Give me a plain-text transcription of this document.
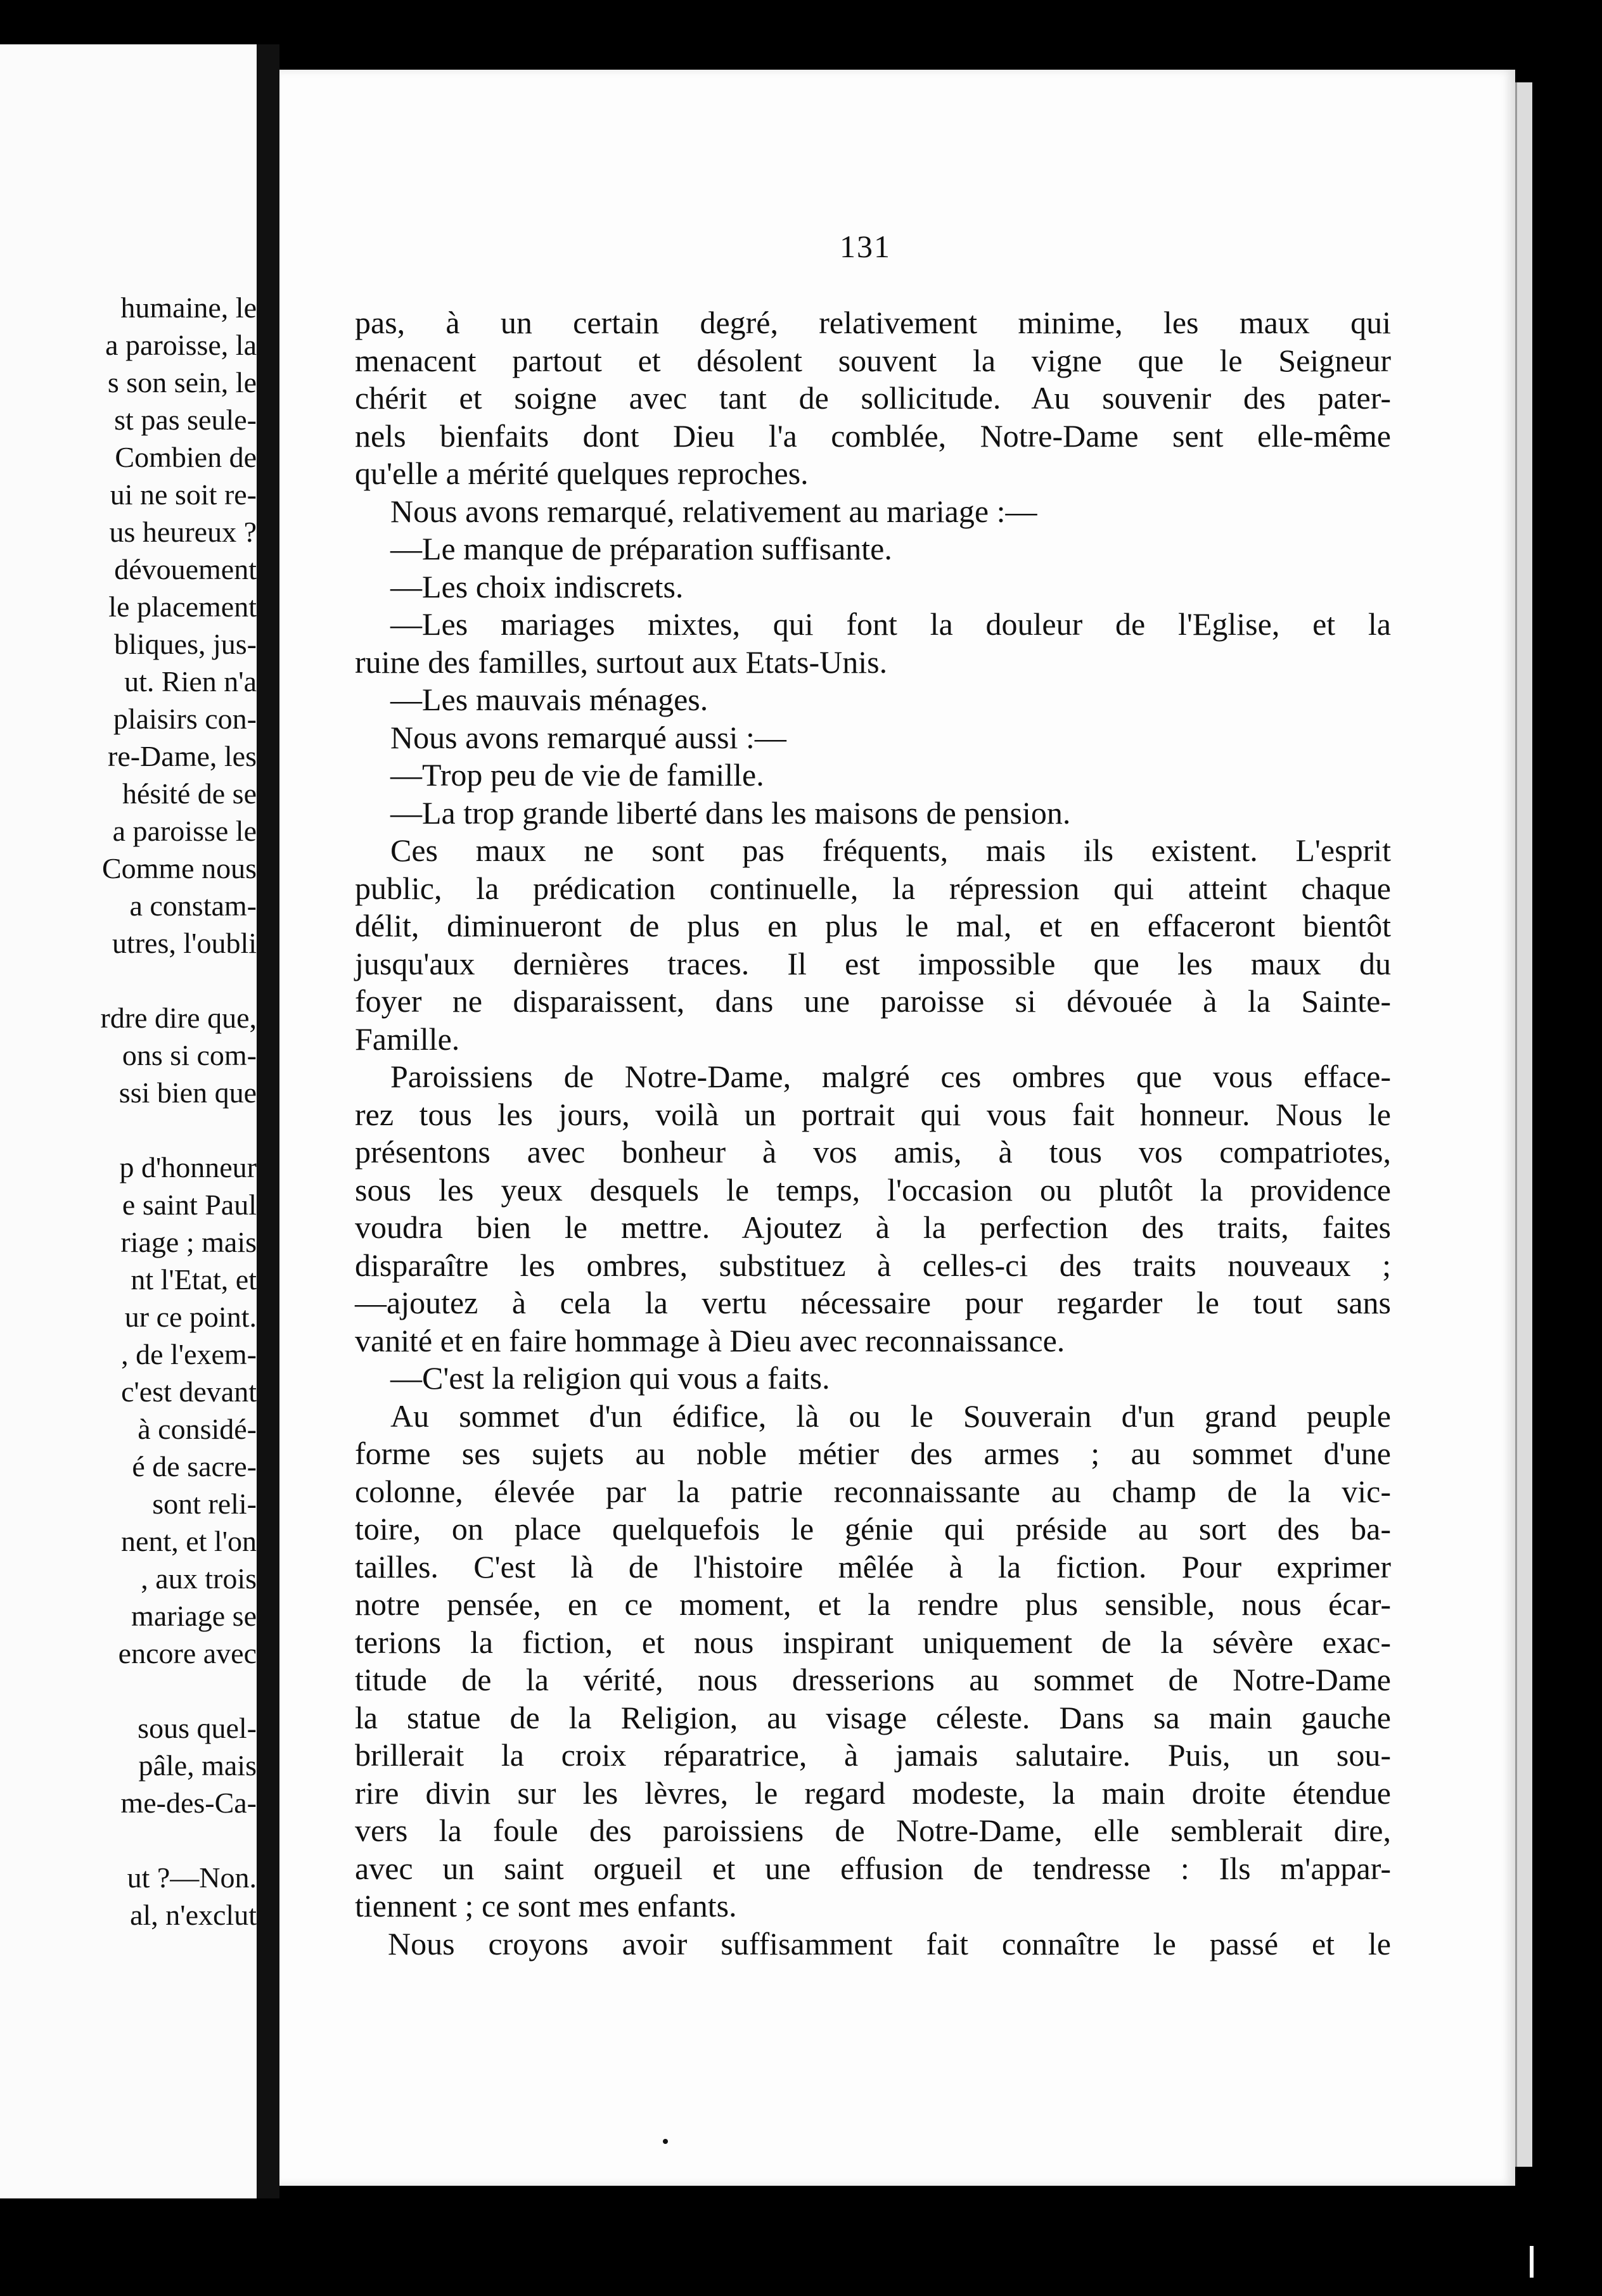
humaine, le
a paroisse, la
s son sein, le
st pas seule-
Combien de
ui ne soit re-
us heureux ?
dévouement
le placement
bliques, jus-
ut. Rien n'a
plaisirs con-
re-Dame, les
hésité de se
a paroisse le
Comme nous
a constam-
utres, l'oubli
rdre dire que,
ons si com-
ssi bien que
p d'honneur
e saint Paul
riage ; mais
nt l'Etat, et
ur ce point.
, de l'exem-
c'est devant
à considé-
é de sacre-
sont reli-
nent, et l'on
, aux trois
mariage se
encore avec
sous quel-
pâle, mais
me-des-Ca-
ut ?—Non.
al, n'exclut
131
pas, à un certain degré, relativement minime, les maux qui
menacent partout et désolent souvent la vigne que le Seigneur
chérit et soigne avec tant de sollicitude. Au souvenir des pater-
nels bienfaits dont Dieu l'a comblée, Notre-Dame sent elle-même
qu'elle a mérité quelques reproches.
Nous avons remarqué, relativement au mariage :—
—Le manque de préparation suffisante.
—Les choix indiscrets.
—Les mariages mixtes, qui font la douleur de l'Eglise, et la
ruine des familles, surtout aux Etats-Unis.
—Les mauvais ménages.
Nous avons remarqué aussi :—
—Trop peu de vie de famille.
—La trop grande liberté dans les maisons de pension.
Ces maux ne sont pas fréquents, mais ils existent. L'esprit
public, la prédication continuelle, la répression qui atteint chaque
délit, diminueront de plus en plus le mal, et en effaceront bientôt
jusqu'aux dernières traces. Il est impossible que les maux du
foyer ne disparaissent, dans une paroisse si dévouée à la Sainte-
Famille.
Paroissiens de Notre-Dame, malgré ces ombres que vous efface-
rez tous les jours, voilà un portrait qui vous fait honneur. Nous le
présentons avec bonheur à vos amis, à tous vos compatriotes,
sous les yeux desquels le temps, l'occasion ou plutôt la providence
voudra bien le mettre. Ajoutez à la perfection des traits, faites
disparaître les ombres, substituez à celles-ci des traits nouveaux ;
—ajoutez à cela la vertu nécessaire pour regarder le tout sans
vanité et en faire hommage à Dieu avec reconnaissance.
—C'est la religion qui vous a faits.
Au sommet d'un édifice, là ou le Souverain d'un grand peuple
forme ses sujets au noble métier des armes ; au sommet d'une
colonne, élevée par la patrie reconnaissante au champ de la vic-
toire, on place quelquefois le génie qui préside au sort des ba-
tailles. C'est là de l'histoire mêlée à la fiction. Pour exprimer
notre pensée, en ce moment, et la rendre plus sensible, nous écar-
terions la fiction, et nous inspirant uniquement de la sévère exac-
titude de la vérité, nous dresserions au sommet de Notre-Dame
la statue de la Religion, au visage céleste. Dans sa main gauche
brillerait la croix réparatrice, à jamais salutaire. Puis, un sou-
rire divin sur les lèvres, le regard modeste, la main droite étendue
vers la foule des paroissiens de Notre-Dame, elle semblerait dire,
avec un saint orgueil et une effusion de tendresse : Ils m'appar-
tiennent ; ce sont mes enfants.
Nous croyons avoir suffisamment fait connaître le passé et le
